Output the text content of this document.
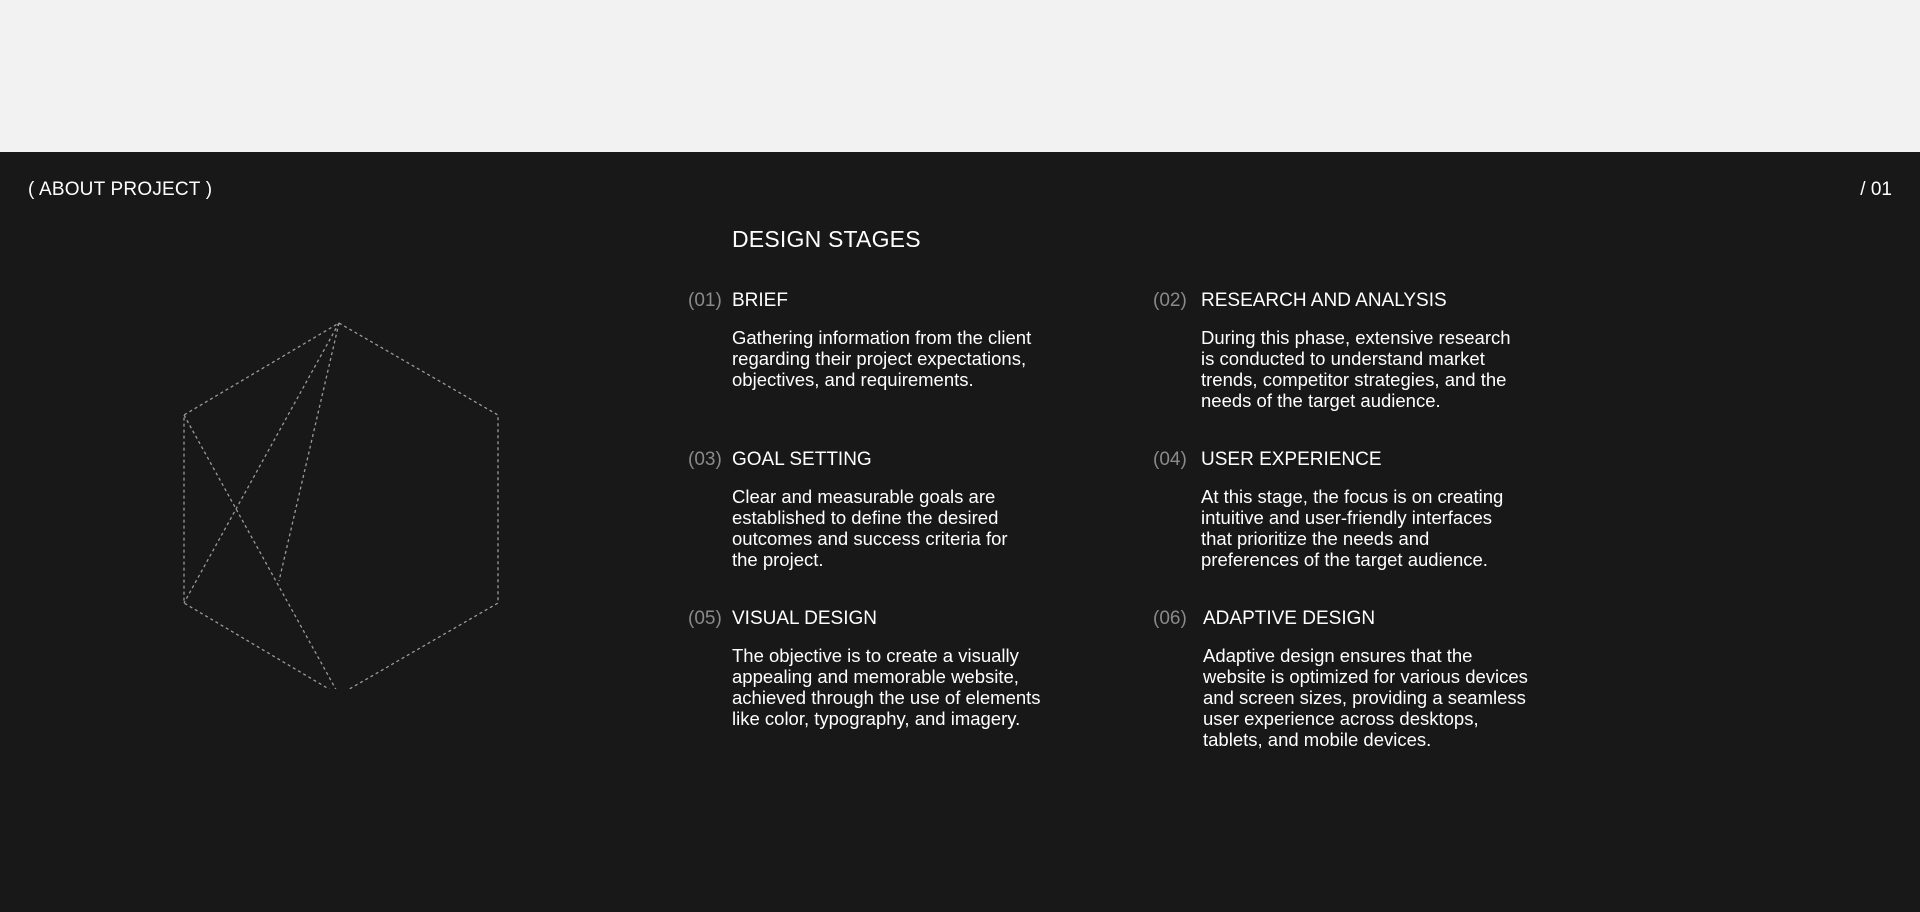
( ABOUT PROJECT )	/ 01
DESIGN STAGES
(01) BRIEF

Gathering information from the client regarding their project expectations, objectives, and requirements.

(02) RESEARCH AND ANALYSIS

During this phase, extensive research is conducted to understand market trends, competitor strategies, and the needs of the target audience.

(03) GOAL SETTING

Clear and measurable goals are established to define the desired outcomes and success criteria for the project.

(04) USER EXPERIENCE

At this stage, the focus is on creating intuitive and user-friendly interfaces that prioritize the needs and preferences of the target audience.

(05) VISUAL DESIGN

The objective is to create a visually appealing and memorable website, achieved through the use of elements like color, typography, and imagery.

(06) ADAPTIVE DESIGN

Adaptive design ensures that the website is optimized for various devices and screen sizes, providing a seamless user experience across desktops, tablets, and mobile devices.
